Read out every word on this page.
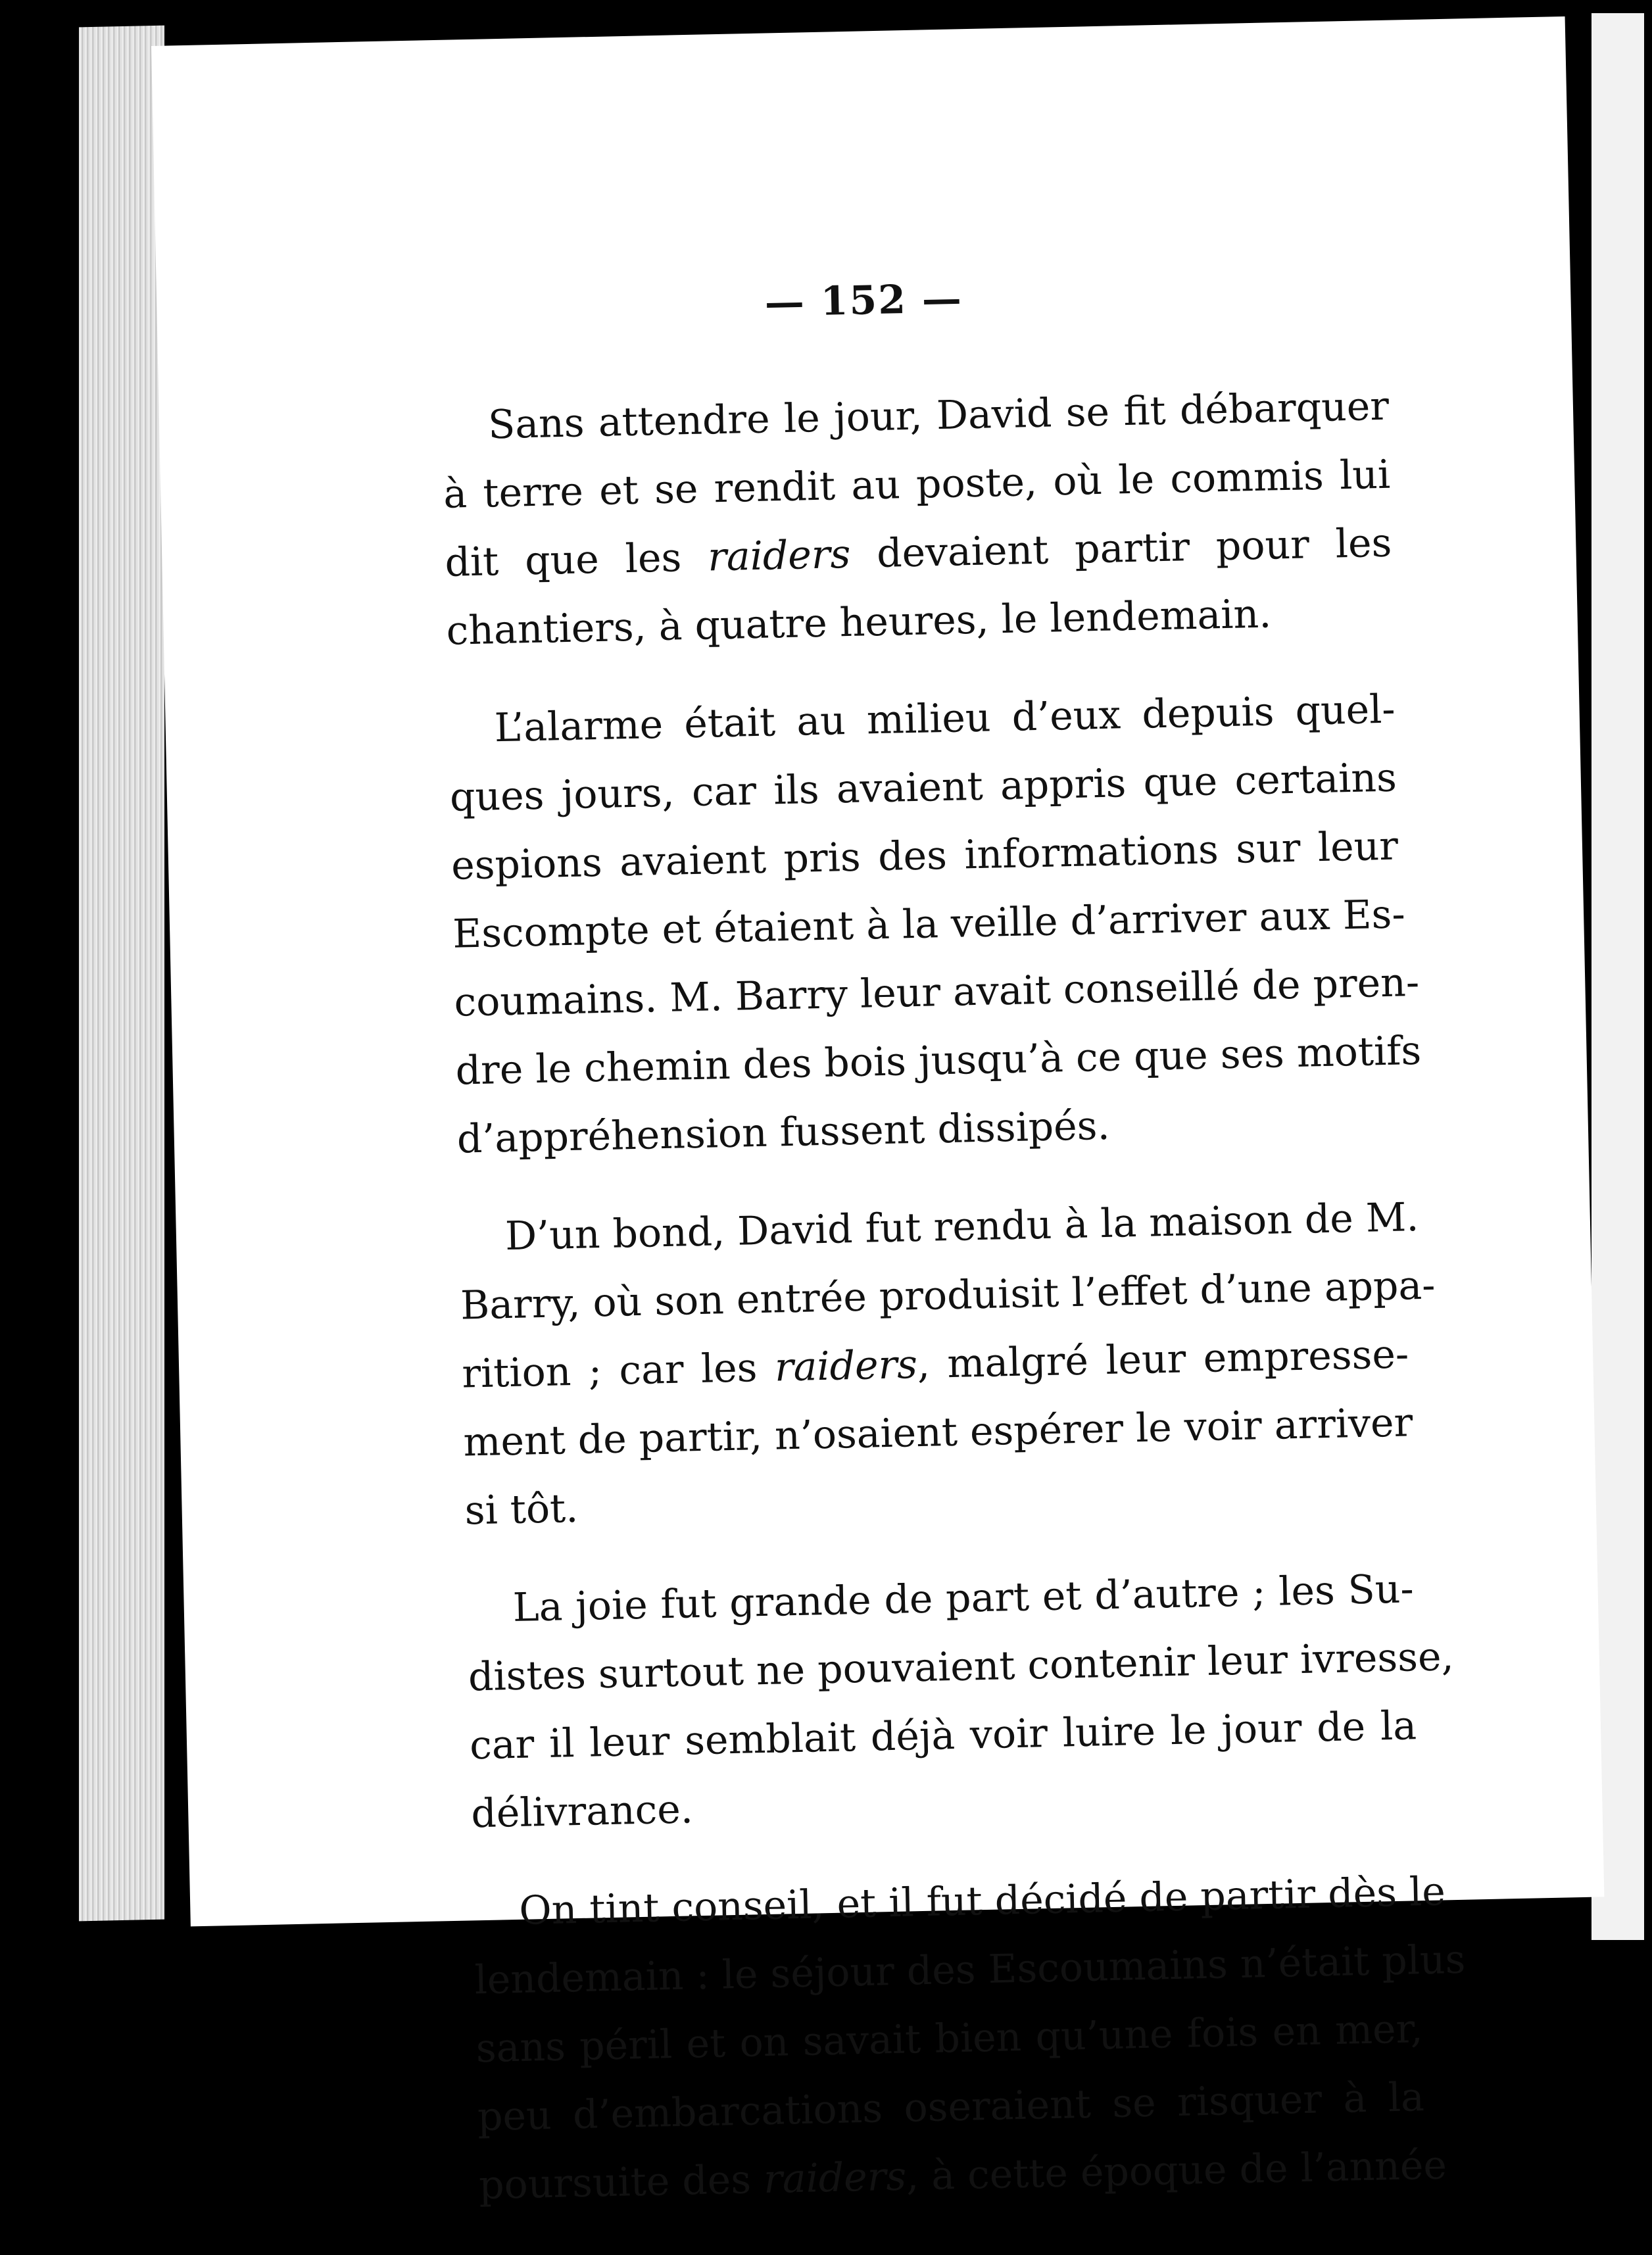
— 152 —
Sans attendre le jour, David se fit débarquer
à terre et se rendit au poste, où le commis lui
dit que les raiders devaient partir pour les
chantiers, à quatre heures, le lendemain.
L’alarme était au milieu d’eux depuis quel-
ques jours, car ils avaient appris que certains
espions avaient pris des informations sur leur
Escompte et étaient à la veille d’arriver aux Es-
coumains. M. Barry leur avait conseillé de pren-
dre le chemin des bois jusqu’à ce que ses motifs
d’appréhension fussent dissipés.
D’un bond, David fut rendu à la maison de M.
Barry, où son entrée produisit l’effet d’une appa-
rition ; car les raiders, malgré leur empresse-
ment de partir, n’osaient espérer le voir arriver
si tôt.
La joie fut grande de part et d’autre ; les Su-
distes surtout ne pouvaient contenir leur ivresse,
car il leur semblait déjà voir luire le jour de la
délivrance.
On tint conseil, et il fut décidé de partir dès le
lendemain : le séjour des Escoumains n’était plus
sans péril et on savait bien qu’une fois en mer,
peu d’embarcations oseraient se risquer à la
poursuite des raiders, à cette époque de l’année
